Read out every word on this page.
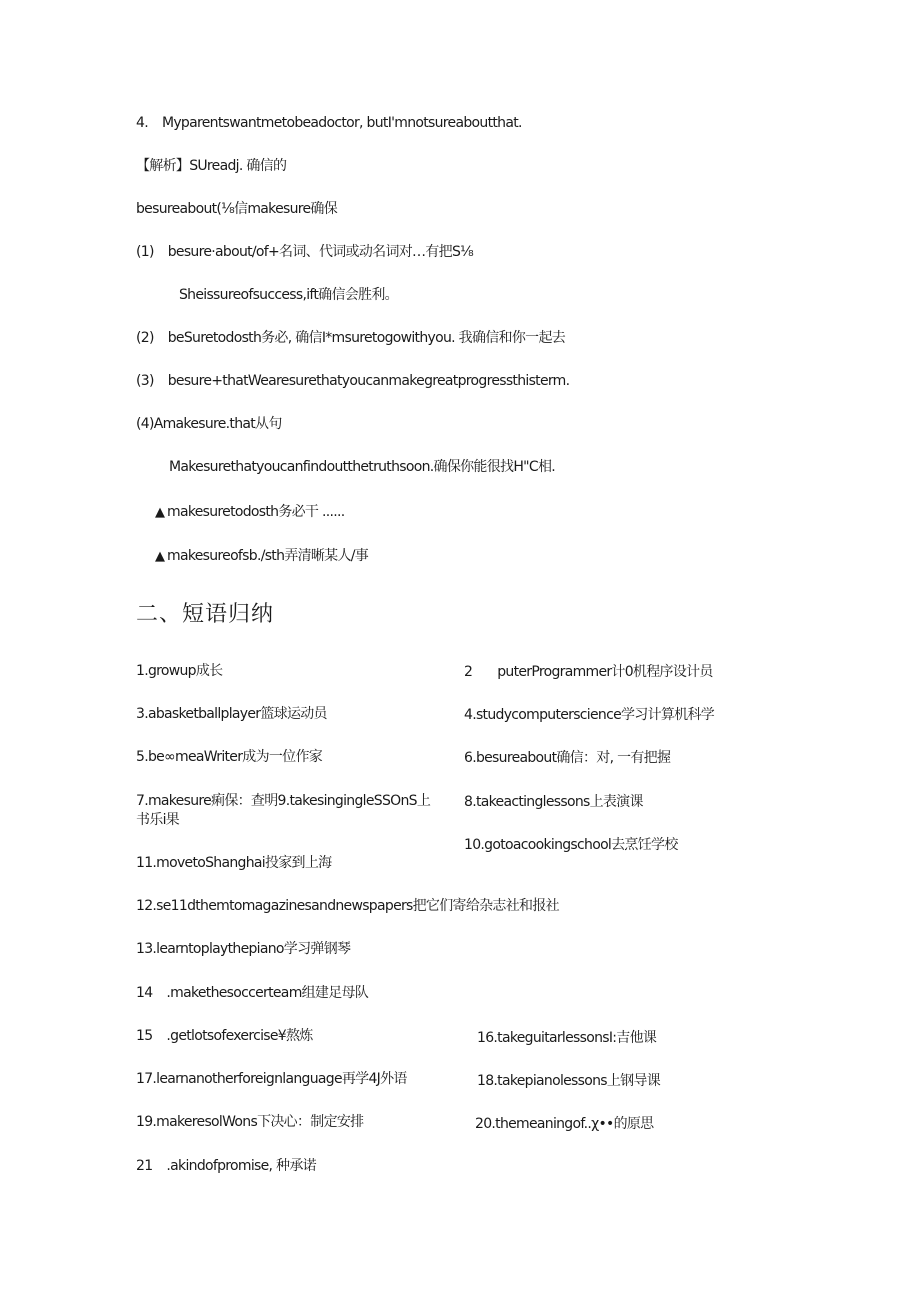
4. Myparentswantmetobeadoctor, butI'mnotsureaboutthat.
【解析】SUreadj. 确信的
besureabout(⅛信makesure确保
(1) besure·about∕of+名词、代词或动名词对…有把S⅛
Sheissureofsuccess,ift确信会胜利。
(2) beSuretodosth务必, 确信I*msuretogowithyou. 我确信和你一起去
(3) besure+thatWearesurethatyoucanmakegreatprogressthisterm.
(4)Amakesure.that从句
Makesurethatyoucanfindoutthetruthsoon.确保你能很找H"C相.
▲ makesuretodosth务必干 ......
▲ makesureofsb./sth弄清晰某人/事
二、短语归纳
1.growup成长	2 puterProgrammer计0机程序设计员
3.abasketballplayer篮球运动员	4.studycomputerscience学习计算机科学
5.be∞meaWriter成为一位作家	6.besureabout确信：对, 一有把握
7.makesure痢保：查明9.takesingingleSSOnS上
书乐i果
8.takeactinglessons上表演课
10.gotoacookingschool去烹饪学校
11.movetoShanghai投家到上海
12.se11dthemtomagazinesandnewspapers把它们寄给杂志社和报社
13.learntoplaythepiano学习弹钢琴
14 .makethesoccerteam组建足母队
15 .getlotsofexercise¥熬炼	16.takeguitarlessonsI:吉他课
17.learnanotherforeignlanguage再学4J外语	18.takepianolessons上钢导课
19.makeresolWons下决心：制定安排	20.themeaningof..χ••的原思
21 .akindofpromise, 种承诺
